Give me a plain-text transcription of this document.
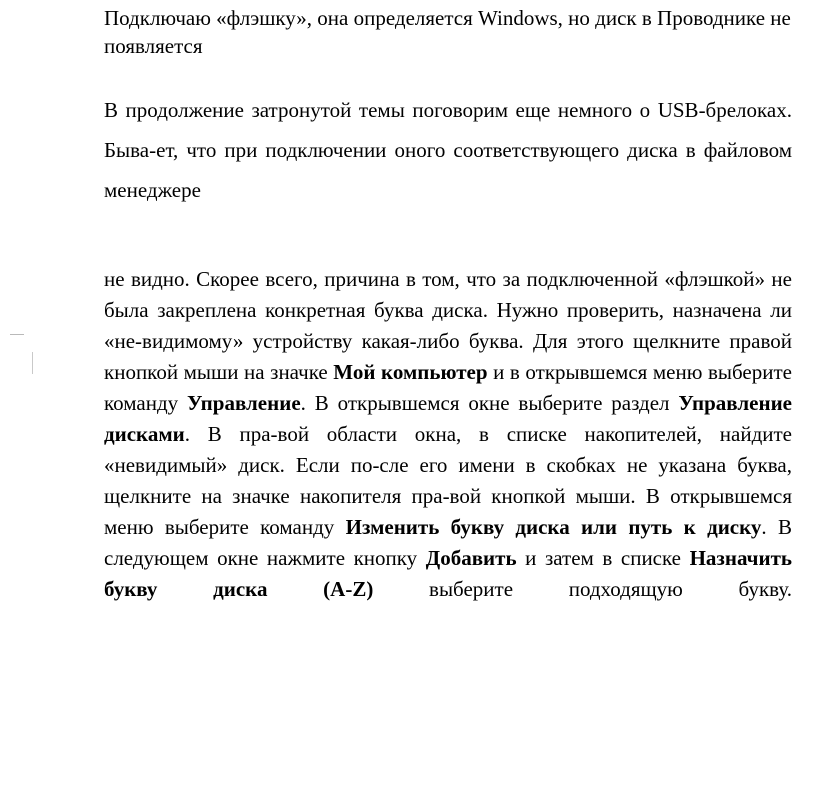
Подключаю «флэшку», она определяется Windows, но диск в Проводнике не появляется

В продолжение затронутой темы поговорим еще немного о USB-брелоках. Быва-ет, что при подключении оного соответствующего диска в файловом менеджере

не видно. Скорее всего, причина в том, что за подключенной «флэшкой» не была закреплена конкретная буква диска. Нужно проверить, назначена ли «не-видимому» устройству какая-либо буква. Для этого щелкните правой кнопкой мыши на значке Мой компьютер и в открывшемся меню выберите команду Управление. В открывшемся окне выберите раздел Управление дисками. В пра-вой области окна, в списке накопителей, найдите «невидимый» диск. Если по-сле его имени в скобках не указана буква, щелкните на значке накопителя пра-вой кнопкой мыши. В открывшемся меню выберите команду Изменить букву диска или путь к диску. В следующем окне нажмите кнопку Добавить и затем в списке Назначить букву диска (A-Z) выберите подходящую букву.
